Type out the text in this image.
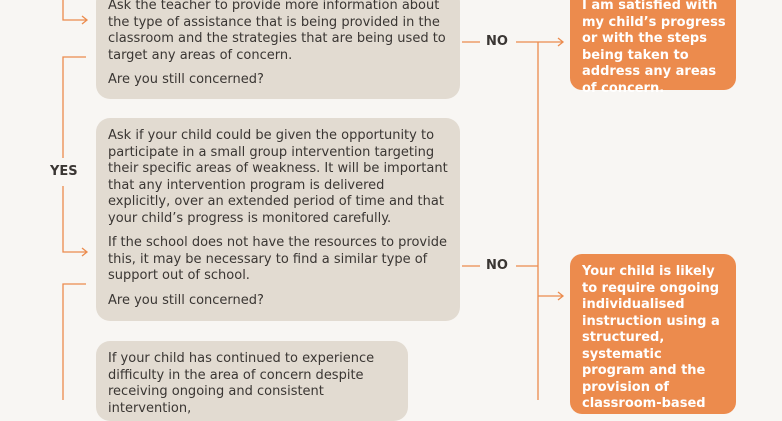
Ask the teacher to provide more information about the type of assistance that is being provided in the classroom and the strategies that are being used to target any areas of concern.

Are you still concerned?

Ask if your child could be given the opportunity to participate in a small group intervention targeting their specific areas of weakness. It will be important that any intervention program is delivered explicitly, over an extended period of time and that your child’s progress is monitored carefully.

If the school does not have the resources to provide this, it may be necessary to find a similar type of support out of school.

Are you still concerned?

If your child has continued to experience difficulty in the area of concern despite receiving ongoing and consistent intervention,

I am satisfied with my child’s progress or with the steps being taken to address any areas of concern.

Your child is likely to require ongoing individualised instruction using a structured, systematic program and the provision of classroom-based

YES
NO
NO
